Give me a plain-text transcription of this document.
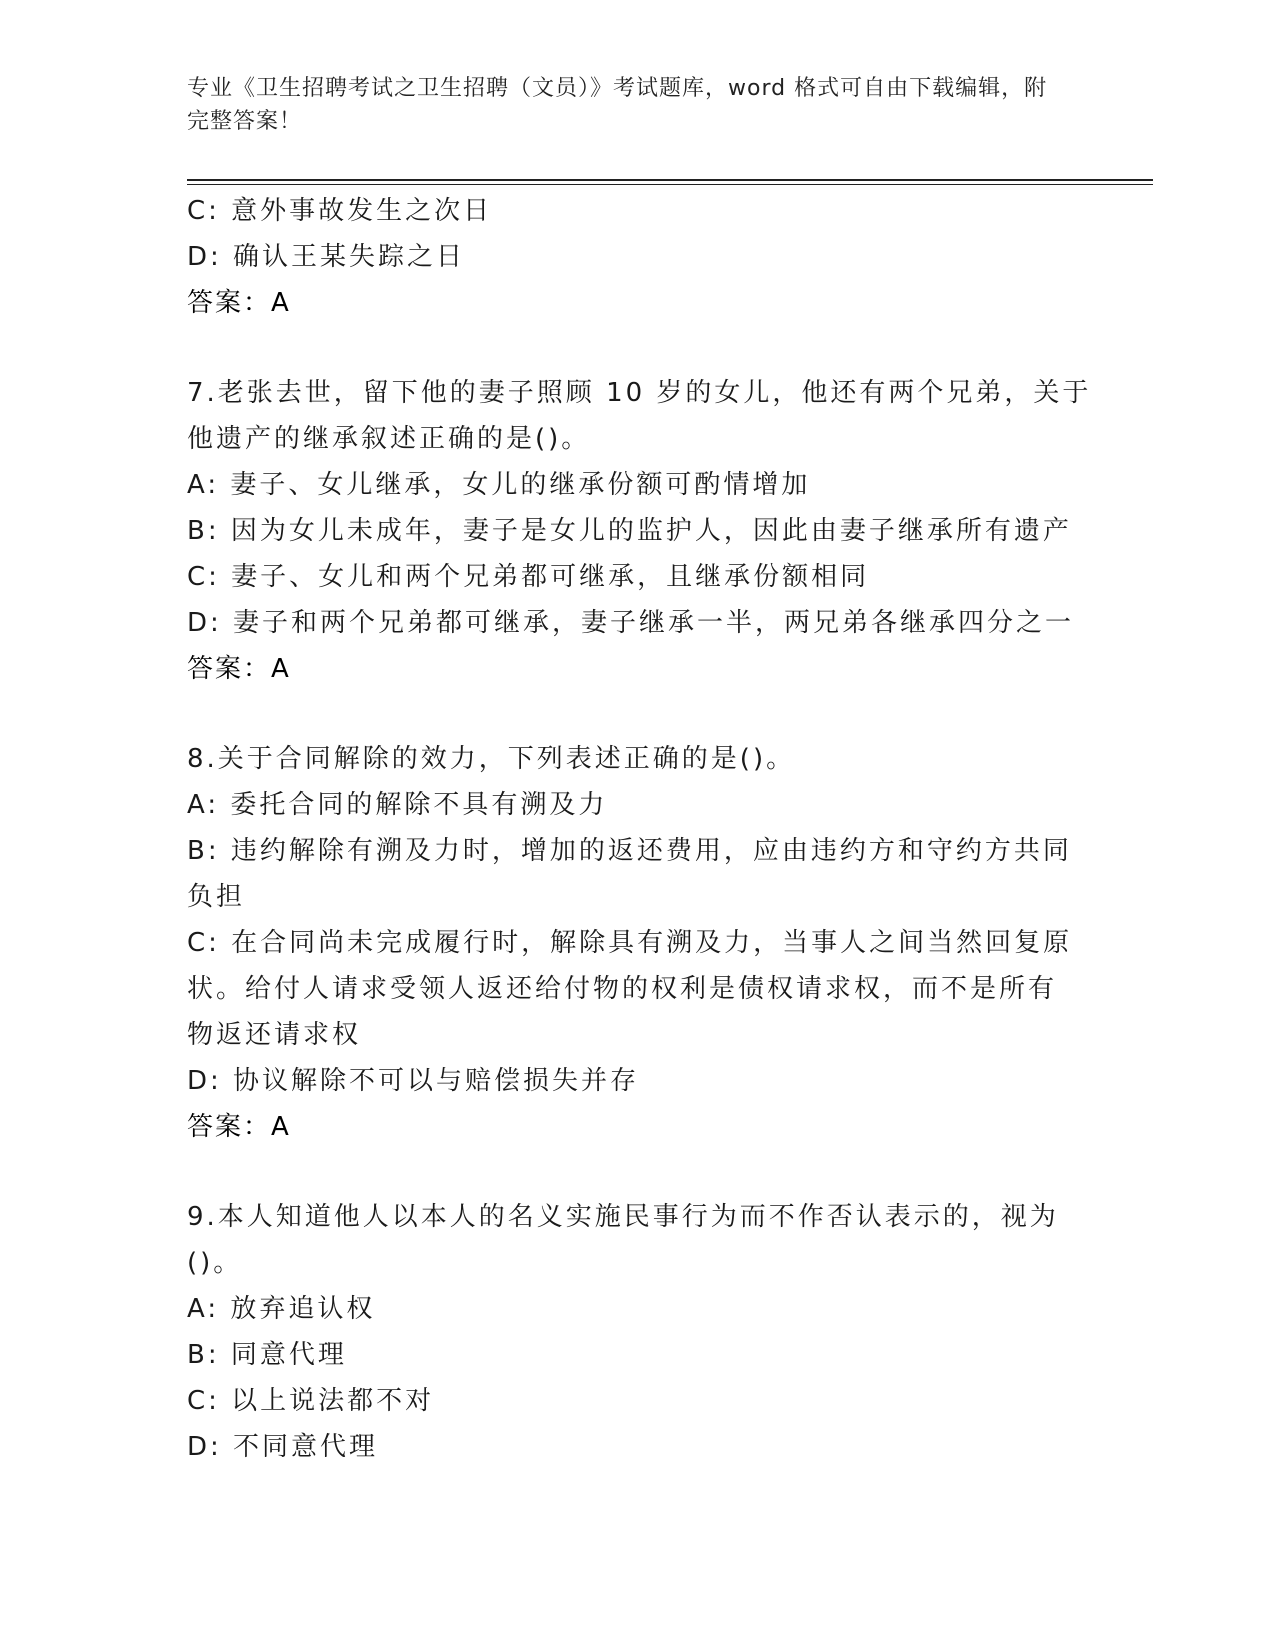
专业《卫生招聘考试之卫生招聘（文员）》考试题库，word 格式可自由下载编辑，附完整答案！
C: 意外事故发生之次日
D: 确认王某失踪之日
答案：A
7.老张去世，留下他的妻子照顾 10 岁的女儿，他还有两个兄弟，关于
他遗产的继承叙述正确的是()。
A: 妻子、女儿继承，女儿的继承份额可酌情增加
B: 因为女儿未成年，妻子是女儿的监护人，因此由妻子继承所有遗产
C: 妻子、女儿和两个兄弟都可继承，且继承份额相同
D: 妻子和两个兄弟都可继承，妻子继承一半，两兄弟各继承四分之一
答案：A
8.关于合同解除的效力，下列表述正确的是()。
A: 委托合同的解除不具有溯及力
B: 违约解除有溯及力时，增加的返还费用，应由违约方和守约方共同
负担
C: 在合同尚未完成履行时，解除具有溯及力，当事人之间当然回复原
状。给付人请求受领人返还给付物的权利是债权请求权，而不是所有
物返还请求权
D: 协议解除不可以与赔偿损失并存
答案：A
9.本人知道他人以本人的名义实施民事行为而不作否认表示的，视为
()。
A: 放弃追认权
B: 同意代理
C: 以上说法都不对
D: 不同意代理
